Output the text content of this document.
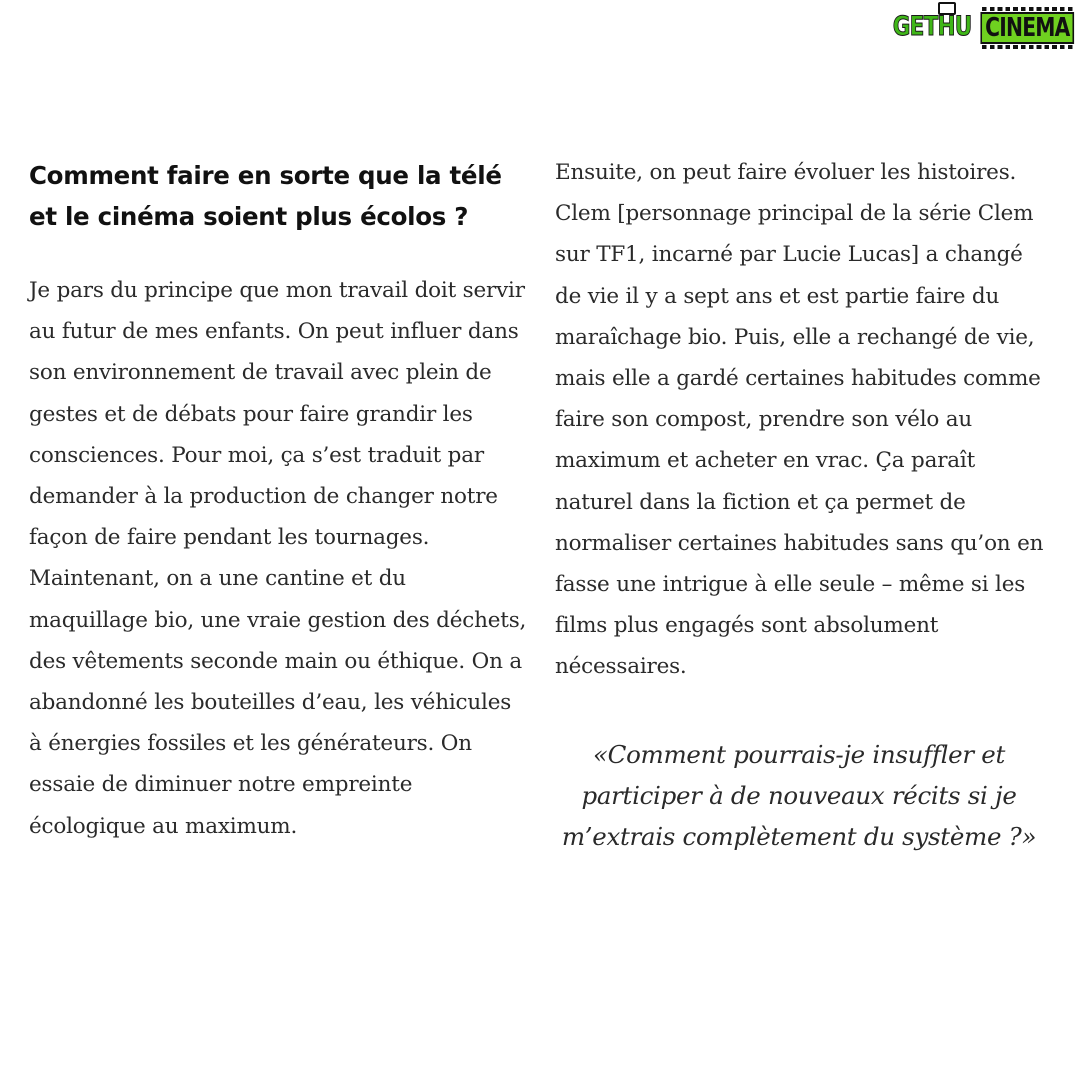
GETHU CINEMA
Comment faire en sorte que la télé et le cinéma soient plus écolos ?

Je pars du principe que mon travail doit servir au futur de mes enfants. On peut influer dans son environnement de travail avec plein de gestes et de débats pour faire grandir les consciences. Pour moi, ça s’est traduit par demander à la production de changer notre façon de faire pendant les tournages. Maintenant, on a une cantine et du maquillage bio, une vraie gestion des déchets, des vêtements seconde main ou éthique. On a abandonné les bouteilles d’eau, les véhicules à énergies fossiles et les générateurs. On essaie de diminuer notre empreinte écologique au maximum.

Ensuite, on peut faire évoluer les histoires. Clem [personnage principal de la série Clem sur TF1, incarné par Lucie Lucas] a changé de vie il y a sept ans et est partie faire du maraîchage bio. Puis, elle a rechangé de vie, mais elle a gardé certaines habitudes comme faire son compost, prendre son vélo au maximum et acheter en vrac. Ça paraît naturel dans la fiction et ça permet de normaliser certaines habitudes sans qu’on en fasse une intrigue à elle seule – même si les films plus engagés sont absolument nécessaires.

«Comment pourrais-je insuffler et participer à de nouveaux récits si je m’extrais complètement du système ?»
